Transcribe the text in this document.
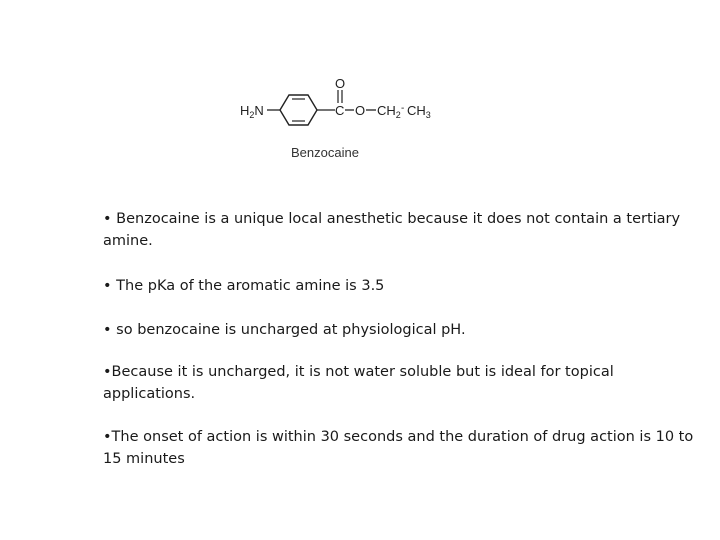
$H_2N$
O
C O $CH_2$
- $CH_3$
Benzocaine

• Benzocaine is a unique local anesthetic because it does not contain a tertiary amine.

• The pKa of the aromatic amine is 3.5

• so benzocaine is uncharged at physiological pH.

•Because it is uncharged, it is not water soluble but is ideal for topical applications.

•The onset of action is within 30 seconds and the duration of drug action is 10 to 15 minutes
